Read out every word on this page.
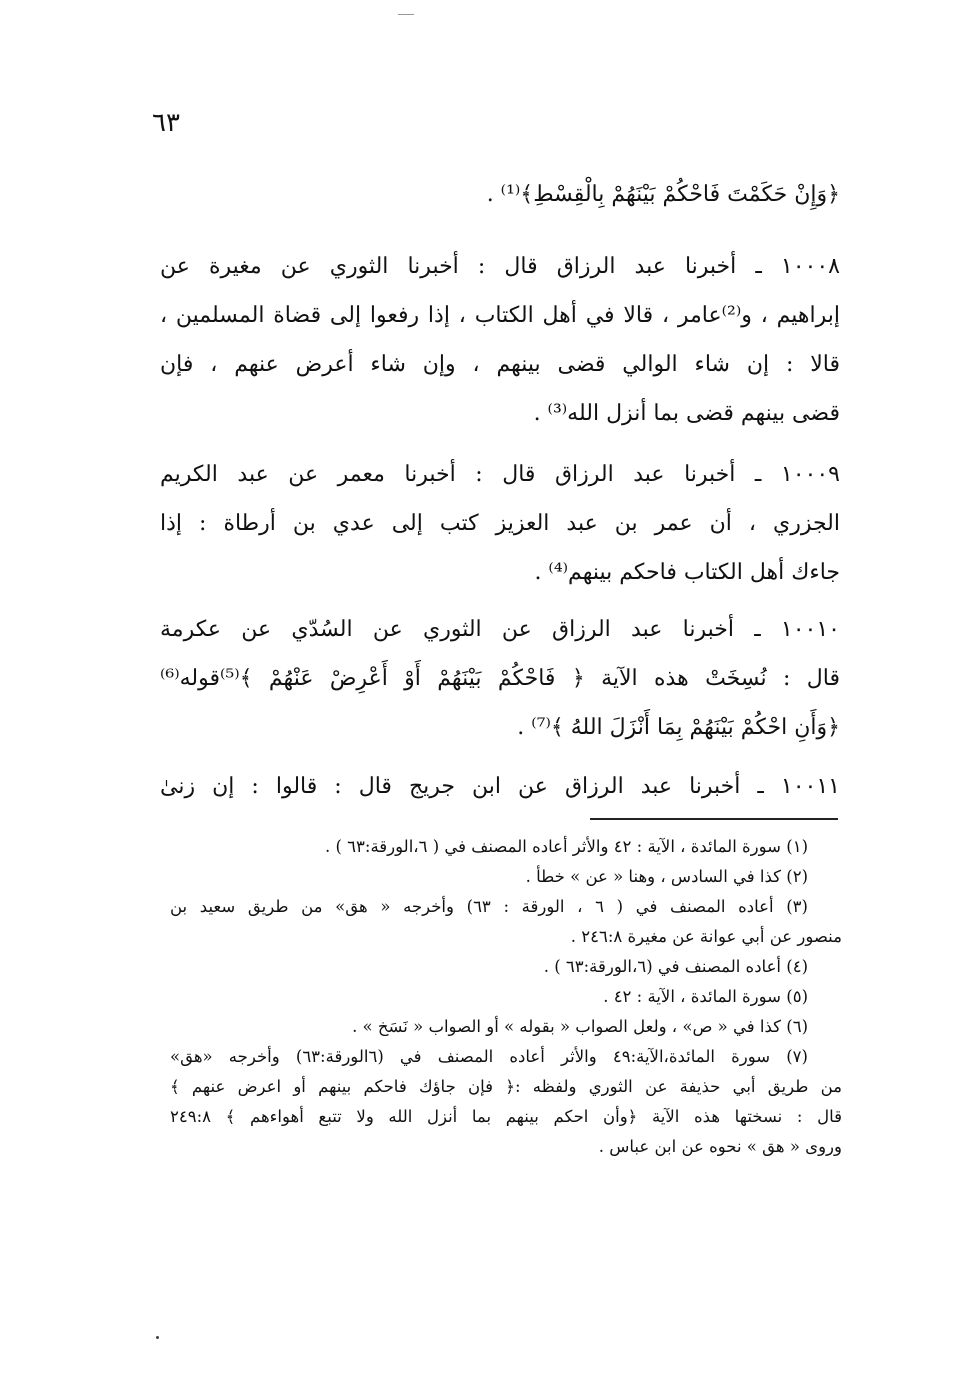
٦٣
﴿وَإِنْ حَكَمْتَ فَاحْكُمْ بَيْنَهُمْ بِالْقِسْطِ﴾⁽¹⁾ .
١٠٠٠٨ ـ أخبرنا عبد الرزاق قال : أخبرنا الثوري عن مغيرة عن
إبراهيم ، و⁽²⁾عامر ، قالا في أهل الكتاب ، إذا رفعوا إلى قضاة المسلمين ،
قالا : إن شاء الوالي قضى بينهم ، وإن شاء أعرض عنهم ، فإن
قضى بينهم قضى بما أنزل الله⁽³⁾ .
١٠٠٠٩ ـ أخبرنا عبد الرزاق قال : أخبرنا معمر عن عبد الكريم
الجزري ، أن عمر بن عبد العزيز كتب إلى عدي بن أرطاة : إذا
جاءك أهل الكتاب فاحكم بينهم⁽⁴⁾ .
١٠٠١٠ ـ أخبرنا عبد الرزاق عن الثوري عن السُدّي عن عكرمة
قال : نُسِخَتْ هذه الآية ﴿ فَاحْكُمْ بَيْنَهُمْ أَوْ أَعْرِضْ عَنْهُمْ ﴾⁽⁵⁾قوله⁽⁶⁾
﴿وَأَنِ احْكُمْ بَيْنَهُمْ بِمَا أَنْزَلَ اللهُ ﴾⁽⁷⁾ .
١٠٠١١ ـ أخبرنا عبد الرزاق عن ابن جريج قال : قالوا : إن زنىٰ
(١) سورة المائدة ، الآية : ٤٢ والأثر أعاده المصنف في ( ٦،الورقة:٦٣ ) .
(٢) كذا في السادس ، وهنا « عن » خطأ .
(٣) أعاده المصنف في ( ٦ ، الورقة : ٦٣) وأخرجه « هق» من طريق سعيد بن
منصور عن أبي عوانة عن مغيرة ٢٤٦:٨ .
(٤) أعاده المصنف في (٦،الورقة:٦٣ ) .
(٥) سورة المائدة ، الآية : ٤٢ .
(٦) كذا في « ص» ، ولعل الصواب « بقوله » أو الصواب « نَسَخ » .
(٧) سورة المائدة،الآية:٤٩ والأثر أعاده المصنف في (٦الورقة:٦٣) وأخرجه «هق»
من طريق أبي حذيفة عن الثوري ولفظه :﴿ فإن جاؤك فاحكم بينهم أو اعرض عنهم ﴾
قال : نسختها هذه الآية ﴿وأن احكم بينهم بما أنزل الله ولا تتبع أهواءهم ﴾ ٢٤٩:٨
وروى « هق » نحوه عن ابن عباس .
